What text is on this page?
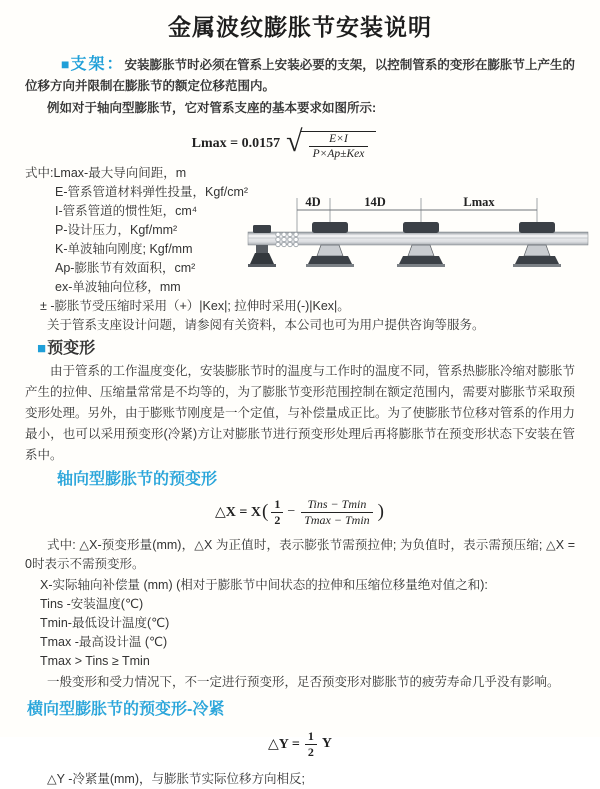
金属波纹膨胀节安装说明

■支架：安装膨胀节时必须在管系上安装必要的支架，以控制管系的变形在膨胀节上产生的位移方向并限制在膨胀节的额定位移范围内。

例如对于轴向型膨胀节，它对管系支座的基本要求如图所示:

Lmax = 0.0157 √	E×I
P×Ap±Kex
式中:Lmax-最大导向间距，m
E-管系管道材料弹性投量，Kgf/cm²
I-管系管道的惯性矩，cm⁴
P-设计压力，Kgf/mm²
K-单波轴向刚度; Kgf/mm
Ap-膨胀节有效面积，cm²
ex-单波轴向位移，mm
± -膨胀节受压缩时采用（+）|Kex|; 拉伸时采用(-)|Kex|。
关于管系支座设计问题，请参阅有关资料，本公司也可为用户提供咨询等服务。
■预变形

由于管系的工作温度变化，安装膨胀节时的温度与工作时的温度不同，管系热膨胀冷缩对膨胀节产生的拉伸、压缩量常常是不均等的，为了膨胀节变形范围控制在额定范围内，需要对膨胀节采取预变形处理。另外，由于膨账节刚度是一个定值，与补偿量成正比。为了使膨胀节位移对管系的作用力最小，也可以采用预变形(冷紧)方让对膨胀节进行预变形处理后再将膨胀节在预变形状态下安装在管系中。

轴向型膨胀节的预变形
△X = X ( $\frac{1}{2} - \frac{\text{Tins − Tmin}}{Tmax - Tmin}$ )

式中: △X-预变形量(mm)，△X 为正值时，表示膨张节需预拉伸; 为负值时，表示需预压缩; △X = 0时表示不需预变形。

X-实际轴向补偿量 (mm) (相对于膨胀节中间状态的拉伸和压缩位移量绝对值之和):
Tins -安装温度(℃)
Tmin-最低设计温度(℃)
Tmax -最高设计温 (℃)
Tmax > Tins ≥ Tmin
一般变形和受力情况下，不一定进行预变形，足否预变形对膨胀节的疲劳寿命几乎没有影响。
横向型膨胀节的预变形-冷紧
△Y = $\frac{1}{2}$ Y
△Y -冷紧量(mm)，与膨胀节实际位移方向相反;
4D	14D	Lmax
